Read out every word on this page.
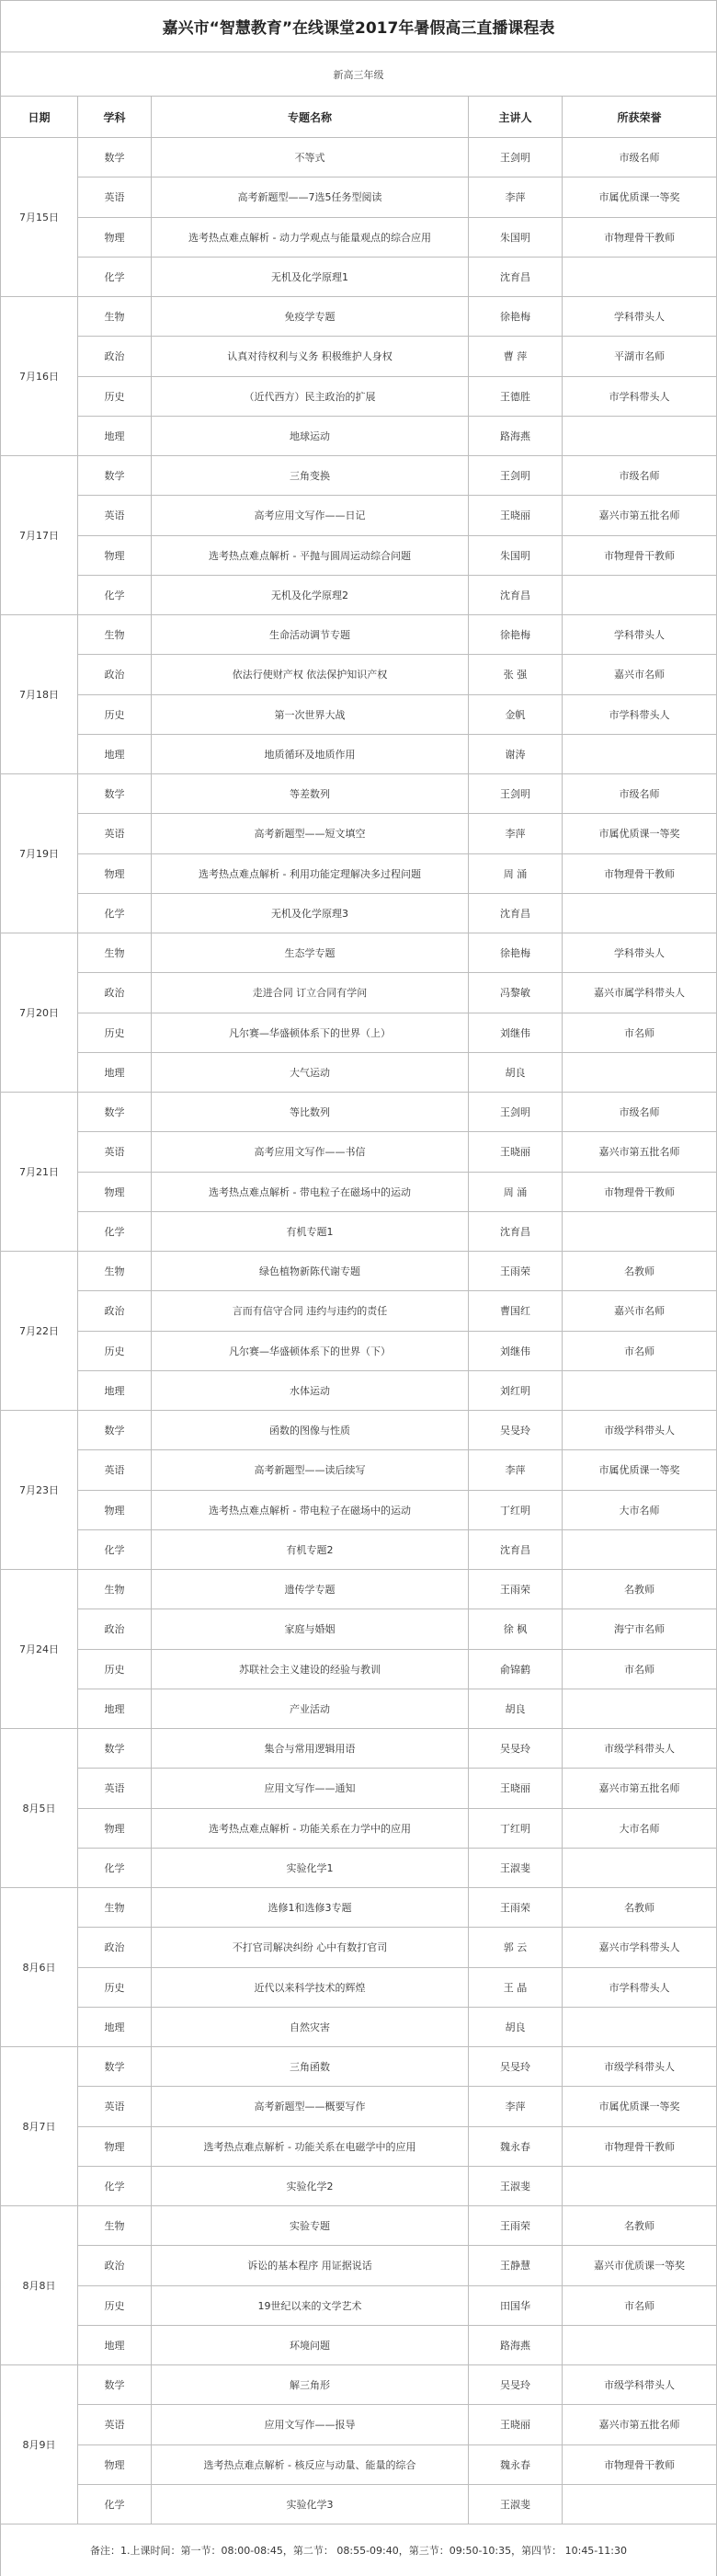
嘉兴市“智慧教育”在线课堂2017年暑假高三直播课程表
新高三年级
日期	学科	专题名称	主讲人	所获荣誉
7月15日
数学	不等式	王剑明	市级名师
英语	高考新题型——7选5任务型阅读	李萍	市属优质课一等奖
物理	选考热点难点解析 - 动力学观点与能量观点的综合应用	朱国明	市物理骨干教师
化学	无机及化学原理1	沈育昌
7月16日
生物	免疫学专题	徐艳梅	学科带头人
政治	认真对待权利与义务 积极维护人身权	曹 萍	平湖市名师
历史	（近代西方）民主政治的扩展	王德胜	市学科带头人
地理	地球运动	路海燕
7月17日
数学	三角变换	王剑明	市级名师
英语	高考应用文写作——日记	王晓丽	嘉兴市第五批名师
物理	选考热点难点解析 - 平抛与圆周运动综合问题	朱国明	市物理骨干教师
化学	无机及化学原理2	沈育昌
7月18日
生物	生命活动调节专题	徐艳梅	学科带头人
政治	依法行使财产权 依法保护知识产权	张 强	嘉兴市名师
历史	第一次世界大战	金帆	市学科带头人
地理	地质循环及地质作用	谢涛
7月19日
数学	等差数列	王剑明	市级名师
英语	高考新题型——短文填空	李萍	市属优质课一等奖
物理	选考热点难点解析 - 利用功能定理解决多过程问题	周 涌	市物理骨干教师
化学	无机及化学原理3	沈育昌
7月20日
生物	生态学专题	徐艳梅	学科带头人
政治	走进合同 订立合同有学问	冯黎敏	嘉兴市属学科带头人
历史	凡尔赛—华盛顿体系下的世界（上）	刘继伟	市名师
地理	大气运动	胡良
7月21日
数学	等比数列	王剑明	市级名师
英语	高考应用文写作——书信	王晓丽	嘉兴市第五批名师
物理	选考热点难点解析 - 带电粒子在磁场中的运动	周 涌	市物理骨干教师
化学	有机专题1	沈育昌
7月22日
生物	绿色植物新陈代谢专题	王雨荣	名教师
政治	言而有信守合同 违约与违约的责任	曹国红	嘉兴市名师
历史	凡尔赛—华盛顿体系下的世界（下）	刘继伟	市名师
地理	水体运动	刘红明
7月23日
数学	函数的图像与性质	吴旻玲	市级学科带头人
英语	高考新题型——读后续写	李萍	市属优质课一等奖
物理	选考热点难点解析 - 带电粒子在磁场中的运动	丁红明	大市名师
化学	有机专题2	沈育昌
7月24日
生物	遗传学专题	王雨荣	名教师
政治	家庭与婚姻	徐 枫	海宁市名师
历史	苏联社会主义建设的经验与教训	俞锦鹤	市名师
地理	产业活动	胡良
8月5日
数学	集合与常用逻辑用语	吴旻玲	市级学科带头人
英语	应用文写作——通知	王晓丽	嘉兴市第五批名师
物理	选考热点难点解析 - 功能关系在力学中的应用	丁红明	大市名师
化学	实验化学1	王淑斐
8月6日
生物	选修1和选修3专题	王雨荣	名教师
政治	不打官司解决纠纷 心中有数打官司	郭 云	嘉兴市学科带头人
历史	近代以来科学技术的辉煌	王 晶	市学科带头人
地理	自然灾害	胡良
8月7日
数学	三角函数	吴旻玲	市级学科带头人
英语	高考新题型——概要写作	李萍	市属优质课一等奖
物理	选考热点难点解析 - 功能关系在电磁学中的应用	魏永春	市物理骨干教师
化学	实验化学2	王淑斐
8月8日
生物	实验专题	王雨荣	名教师
政治	诉讼的基本程序 用证据说话	王静慧	嘉兴市优质课一等奖
历史	19世纪以来的文学艺术	田国华	市名师
地理	环境问题	路海燕
8月9日
数学	解三角形	吴旻玲	市级学科带头人
英语	应用文写作——报导	王晓丽	嘉兴市第五批名师
物理	选考热点难点解析 - 核反应与动量、能量的综合	魏永春	市物理骨干教师
化学	实验化学3	王淑斐
备注：1.上课时间：第一节：08:00-08:45，第二节： 08:55-09:40，第三节：09:50-10:35，第四节： 10:45-11:30
